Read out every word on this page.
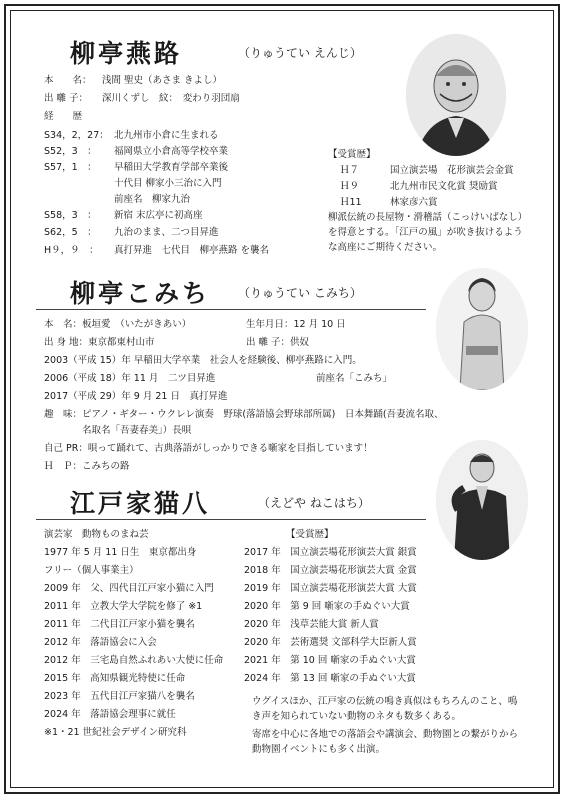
柳亭燕路	（りゅうてい えんじ）
本　　名： 浅間 聖史（あさま きよし）
出 囃 子： 深川くずし　紋：　変わり羽団扇
経　　歴
S34，2，27： 北九州市小倉に生まれる
S52，3　： 福岡県立小倉高等学校卒業
S57，1　： 早稲田大学教育学部卒業後
十代目 柳家小三治に入門
前座名　柳家九治
S58，3　： 新宿 末広亭に初高座
S62，5　： 九治のまま、二つ目昇進
H９，９　： 真打昇進　七代目　柳亭燕路 を襲名
【受賞歴】
Ｈ７	国立演芸場　花形演芸会金賞
Ｈ９	北九州市民文化賞 奨励賞
Ｈ11	林家彦六賞
柳派伝統の長屋物・滑稽話（こっけいばなし）を得意とする。「江戸の風」が吹き抜けるような高座にご期待ください。
柳亭こみち （りゅうてい こみち）
本　名：板垣愛　（いたがきあい）	生年月日：12 月 10 日
出 身 地：東京都東村山市	出 囃 子：供奴
2003（平成 15）年 早稲田大学卒業　社会人を経験後、柳亭燕路に入門。
2006（平成 18）年 11 月　二ツ目昇進	前座名「こみち」
2017（平成 29）年 9 月 21 日　真打昇進
趣　味：ピアノ・ギター・ウクレレ演奏　野球(落語協会野球部所属)　日本舞踊(吾妻流名取、
　　　　名取名「吾妻春美」）長唄
自己 PR：唄って踊れて、古典落語がしっかりできる噺家を目指しています！
Ｈ　Ｐ：こみちの路
江戸家猫八	（えどや ねこはち）
演芸家　動物ものまね芸
1977 年 5 月 11 日生　東京都出身
フリー（個人事業主）
2009 年　父、四代目江戸家小猫に入門
2011 年　立教大学大学院を修了 ※1
2011 年　二代目江戸家小猫を襲名
2012 年　落語協会に入会
2012 年　三宅島自然ふれあい大使に任命
2015 年　高知県観光特使に任命
2023 年　五代目江戸家猫八を襲名
2024 年　落語協会理事に就任
※1・21 世紀社会デザイン研究科
【受賞歴】
2017 年　国立演芸場花形演芸大賞 銀賞
2018 年　国立演芸場花形演芸大賞 金賞
2019 年　国立演芸場花形演芸大賞 大賞
2020 年　第 9 回 噺家の手ぬぐい大賞
2020 年　浅草芸能大賞 新人賞
2020 年　芸術選奨 文部科学大臣新人賞
2021 年　第 10 回 噺家の手ぬぐい大賞
2024 年　第 13 回 噺家の手ぬぐい大賞
ウグイスほか、江戸家の伝統の鳴き真似はもちろんのこと、鳴き声を知られていない動物のネタも数多くある。
寄席を中心に各地での落語会や講演会、動物園との繋がりから動物園イベントにも多く出演。
